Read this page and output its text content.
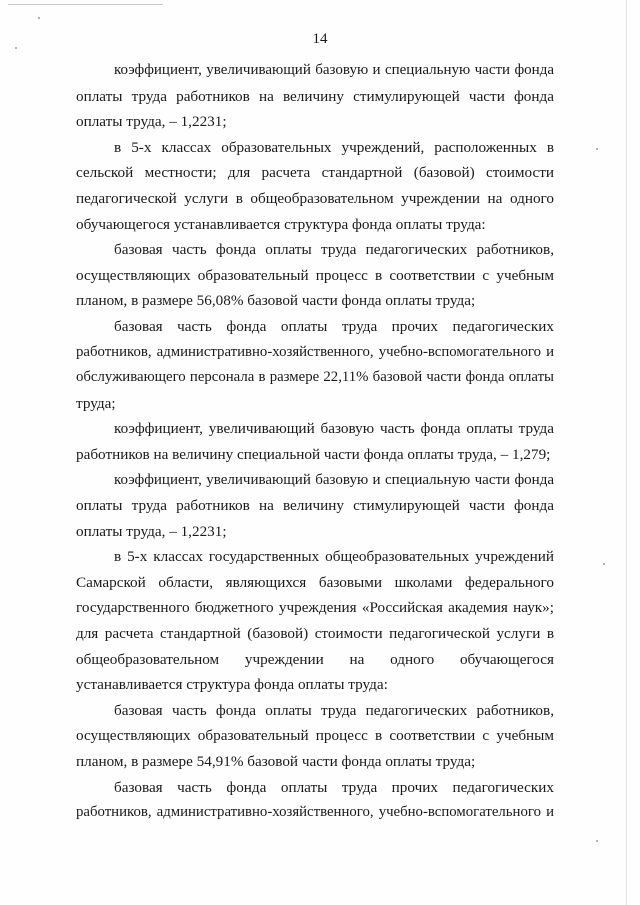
14

коэффициент, увеличивающий базовую и специальную части фонда
оплаты труда работников на величину стимулирующей части фонда
оплаты труда, – 1,2231;

в 5-х классах образовательных учреждений, расположенных в
сельской местности; для расчета стандартной (базовой) стоимости
педагогической услуги в общеобразовательном учреждении на одного
обучающегося устанавливается структура фонда оплаты труда:

базовая часть фонда оплаты труда педагогических работников,
осуществляющих образовательный процесс в соответствии с учебным
планом, в размере 56,08% базовой части фонда оплаты труда;

базовая часть фонда оплаты труда прочих педагогических
работников, административно-хозяйственного, учебно-вспомогательного и
обслуживающего персонала в размере 22,11% базовой части фонда оплаты
труда;

коэффициент, увеличивающий базовую часть фонда оплаты труда
работников на величину специальной части фонда оплаты труда, – 1,279;

коэффициент, увеличивающий базовую и специальную части фонда
оплаты труда работников на величину стимулирующей части фонда
оплаты труда, – 1,2231;

в 5-х классах государственных общеобразовательных учреждений
Самарской области, являющихся базовыми школами федерального
государственного бюджетного учреждения «Российская академия наук»;
для расчета стандартной (базовой) стоимости педагогической услуги в
общеобразовательном учреждении на одного обучающегося
устанавливается структура фонда оплаты труда:

базовая часть фонда оплаты труда педагогических работников,
осуществляющих образовательный процесс в соответствии с учебным
планом, в размере 54,91% базовой части фонда оплаты труда;

базовая часть фонда оплаты труда прочих педагогических
работников, административно-хозяйственного, учебно-вспомогательного и
